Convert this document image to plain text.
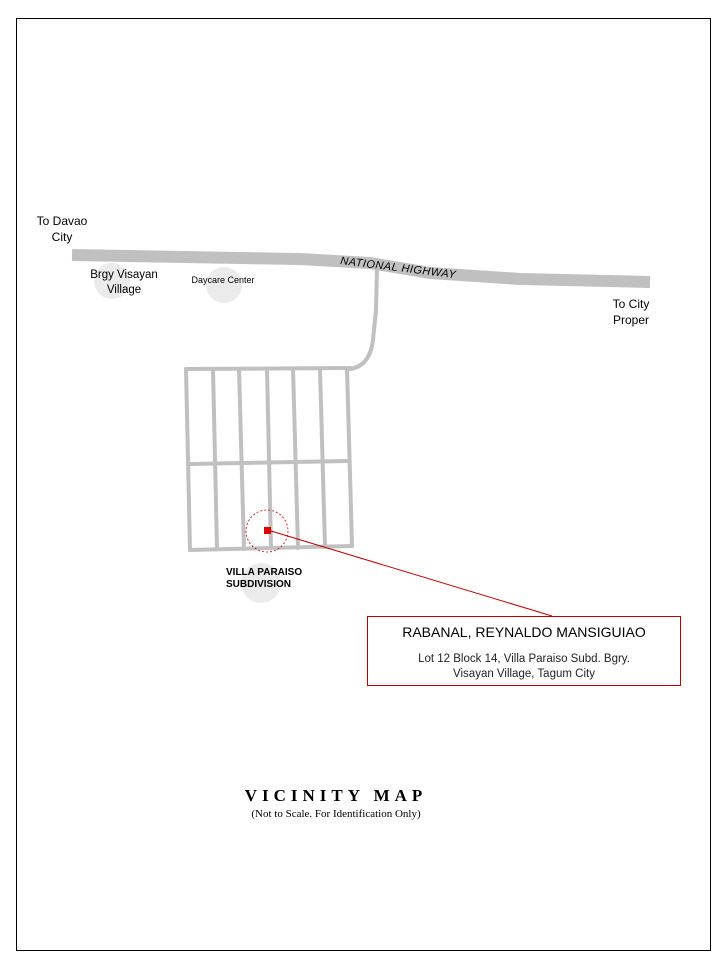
NATIONAL HIGHWAY
To Davao
City
To City
Proper
Brgy Visayan
Village
Daycare Center
VILLA PARAISO
SUBDIVISION
RABANAL, REYNALDO MANSIGUIAO
Lot 12 Block 14, Villa Paraiso Subd. Bgry.
Visayan Village, Tagum City
VICINITY MAP
(Not to Scale. For Identification Only)
